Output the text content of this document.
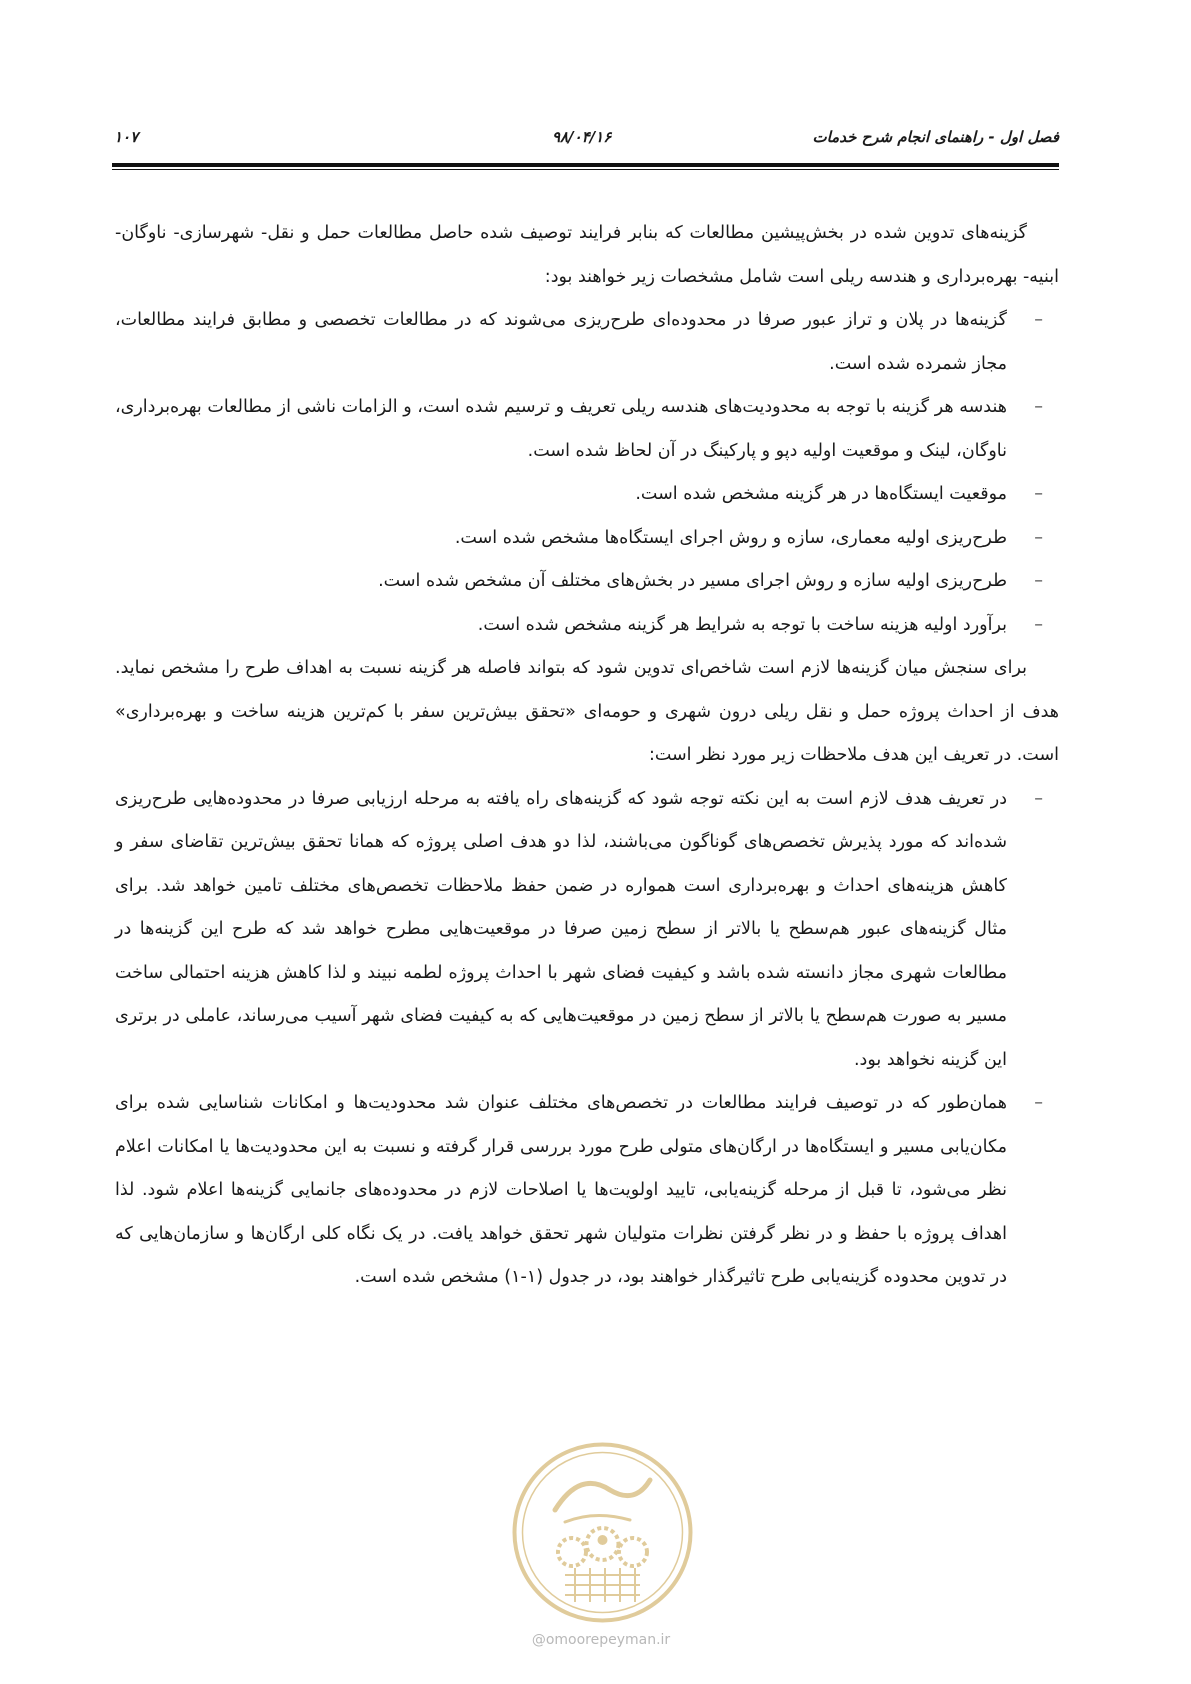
فصل اول - راهنمای انجام شرح خدمات
۹۸/۰۴/۱۶
۱۰۷

گزینه‌های تدوین شده در بخش‌پیشین مطالعات که بنابر فرایند توصیف شده حاصل مطالعات حمل و نقل- شهرسازی- ناوگان- ابنیه- بهره‌برداری و هندسه ریلی است شامل مشخصات زیر خواهند بود:

–
گزینه‌ها در پلان و تراز عبور صرفا در محدوده‌ای طرح‌ریزی می‌شوند که در مطالعات تخصصی و مطابق فرایند مطالعات، مجاز شمرده شده است.
–
هندسه هر گزینه با توجه به محدودیت‌های هندسه ریلی تعریف و ترسیم شده است، و الزامات ناشی از مطالعات بهره‌برداری، ناوگان، لینک و موقعیت اولیه دپو و پارکینگ در آن لحاظ شده است.
–
موقعیت ایستگاه‌ها در هر گزینه مشخص شده است.
–
طرح‌ریزی اولیه معماری، سازه و روش اجرای ایستگاه‌ها مشخص شده است.
–
طرح‌ریزی اولیه سازه و روش اجرای مسیر در بخش‌های مختلف آن مشخص شده است.
–
برآورد اولیه هزینه ساخت با توجه به شرایط هر گزینه مشخص شده است.

برای سنجش میان گزینه‌ها لازم است شاخص‌ای تدوین شود که بتواند فاصله هر گزینه نسبت به اهداف طرح را مشخص نماید. هدف از احداث پروژه حمل و نقل ریلی درون شهری و حومه‌ای «تحقق بیش‌ترین سفر با کم‌ترین هزینه ساخت و بهره‌برداری» است. در تعریف این هدف ملاحظات زیر مورد نظر است:

–
در تعریف هدف لازم است به این نکته توجه شود که گزینه‌های راه یافته به مرحله ارزیابی صرفا در محدوده‌هایی طرح‌ریزی شده‌اند که مورد پذیرش تخصص‌های گوناگون می‌باشند، لذا دو هدف اصلی پروژه که همانا تحقق بیش‌ترین تقاضای سفر و کاهش هزینه‌های احداث و بهره‌برداری است همواره در ضمن حفظ ملاحظات تخصص‌های مختلف تامین خواهد شد. برای مثال گزینه‌های عبور هم‌سطح یا بالاتر از سطح زمین صرفا در موقعیت‌هایی مطرح خواهد شد که طرح این گزینه‌ها در مطالعات شهری مجاز دانسته شده باشد و کیفیت فضای شهر با احداث پروژه لطمه نبیند و لذا کاهش هزینه احتمالی ساخت مسیر به صورت هم‌سطح یا بالاتر از سطح زمین در موقعیت‌هایی که به کیفیت فضای شهر آسیب می‌رساند، عاملی در برتری این گزینه نخواهد بود.
–
همان‌طور که در توصیف فرایند مطالعات در تخصص‌های مختلف عنوان شد محدودیت‌ها و امکانات شناسایی شده برای مکان‌یابی مسیر و ایستگاه‌ها در ارگان‌های متولی طرح مورد بررسی قرار گرفته و نسبت به این محدودیت‌ها یا امکانات اعلام نظر می‌شود، تا قبل از مرحله گزینه‌یابی، تایید اولویت‌ها یا اصلاحات لازم در محدوده‌های جانمایی گزینه‌ها اعلام شود. لذا اهداف پروژه با حفظ و در نظر گرفتن نظرات متولیان شهر تحقق خواهد یافت. در یک نگاه کلی ارگان‌ها و سازمان‌هایی که در تدوین محدوده گزینه‌یابی طرح تاثیرگذار خواهند بود، در جدول (۱-۱) مشخص شده است.
@omoorepeyman.ir
